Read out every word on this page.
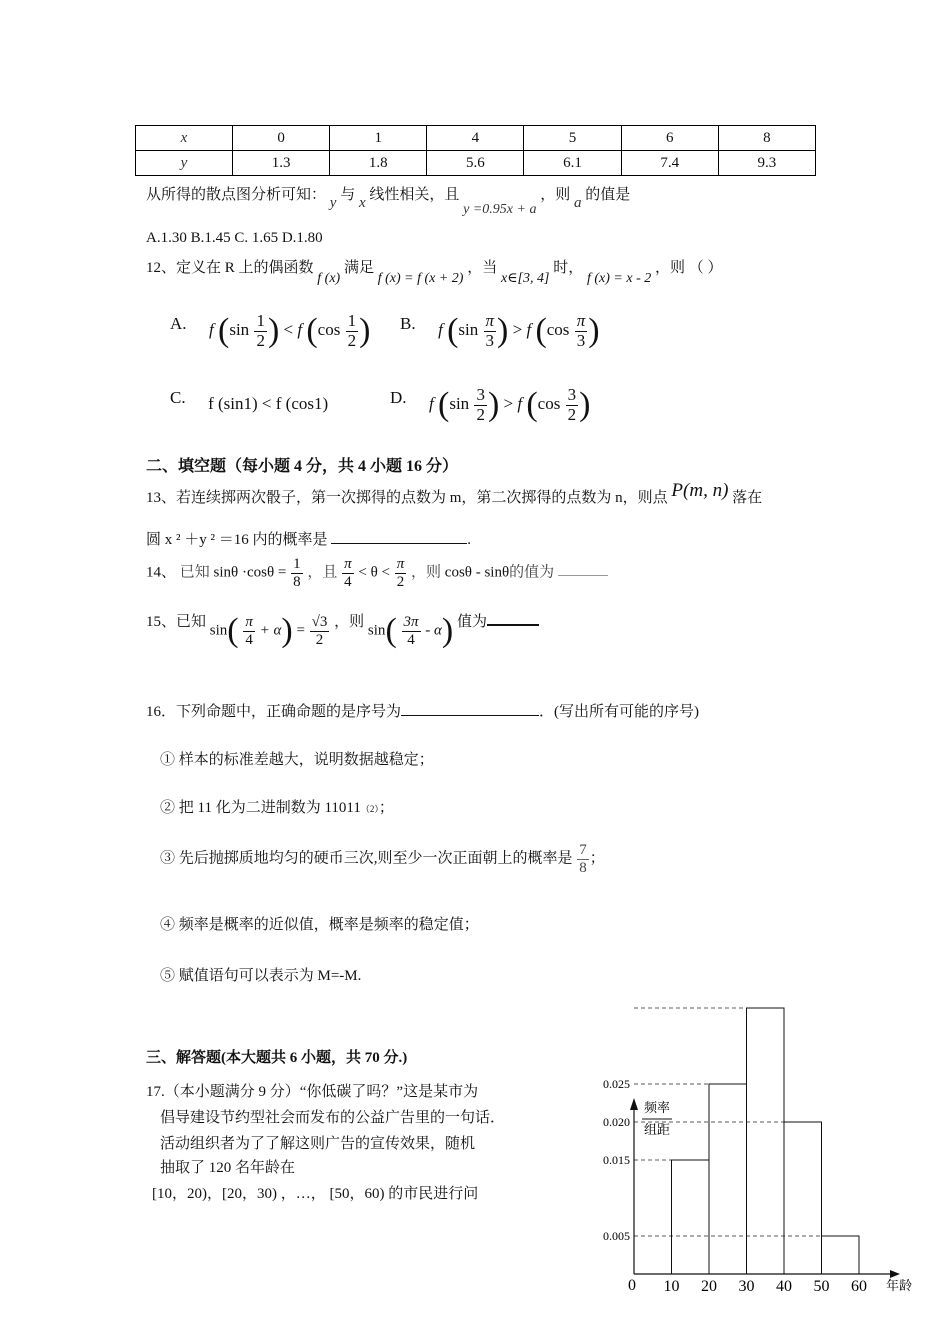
x	0	1	4	5	6	8
y	1.3	1.8	5.6	6.1	7.4	9.3
从所得的散点图分析可知： y 与 x 线性相关，且 y =0.95x + a ，则 a 的值是
A.1.30 B.1.45 C. 1.65 D.1.80
12、定义在 R 上的偶函数 f (x) 满足 f (x) = f (x + 2) ，当 x∈[3, 4] 时， f (x) = x - 2 ，则 （ ）
A. f ($\sin \frac{1}{2}$ ) < f ($\cos \frac{1}{2}$ ) B. f ($\sin \frac{\pi}{3}$ ) > f ($\cos \frac{\pi}{3}$ )
C. f (sin1) < f (cos1)	D. f ($\sin \frac{3}{2}$ ) > f ($\cos \frac{3}{2}$ )
二、填空题（每小题 4 分，共 4 小题 16 分）
13、若连续掷两次骰子，第一次掷得的点数为 m，第二次掷得的点数为 n，则点 P(m, n) 落在
圆 x ² ＋y ² ＝16 内的概率是	.
14、 已知 $\sin\theta \cdot\cos\theta = \frac{1}{8}$ ，且 $\frac{\pi}{4} < \theta < \frac{\pi}{2}$ ，则 cosθ - sinθ的值为
15、已知 $\sin( \frac{\pi}{4} + \alpha) = \frac{√3}{2}$ ，则 $\sin( \frac{3\pi}{4} - \alpha)$ 值为
16．下列命题中，正确命题的是序号为	．(写出所有可能的序号)
① 样本的标准差越大，说明数据越稳定；
② 把 11 化为二进制数为 11011（2）；
③ 先后抛掷质地均匀的硬币三次,则至少一次正面朝上的概率是 $\frac{7}{8}$ ；
④ 频率是概率的近似值，概率是频率的稳定值；
⑤ 赋值语句可以表示为 M=-M.
三、解答题(本大题共 6 小题，共 70 分.)
17.（本小题满分 9 分）“你低碳了吗？”这是某市为
倡导建设节约型社会而发布的公益广告里的一句话．
活动组织者为了了解这则广告的宣传效果，随机
抽取了 120 名年龄在
[10，20)，[20，30) ，…， [50，60) 的市民进行问
0.025
0.020
0.015
0.005
10 20 30 40 50 60
频率
组距
0	年龄
